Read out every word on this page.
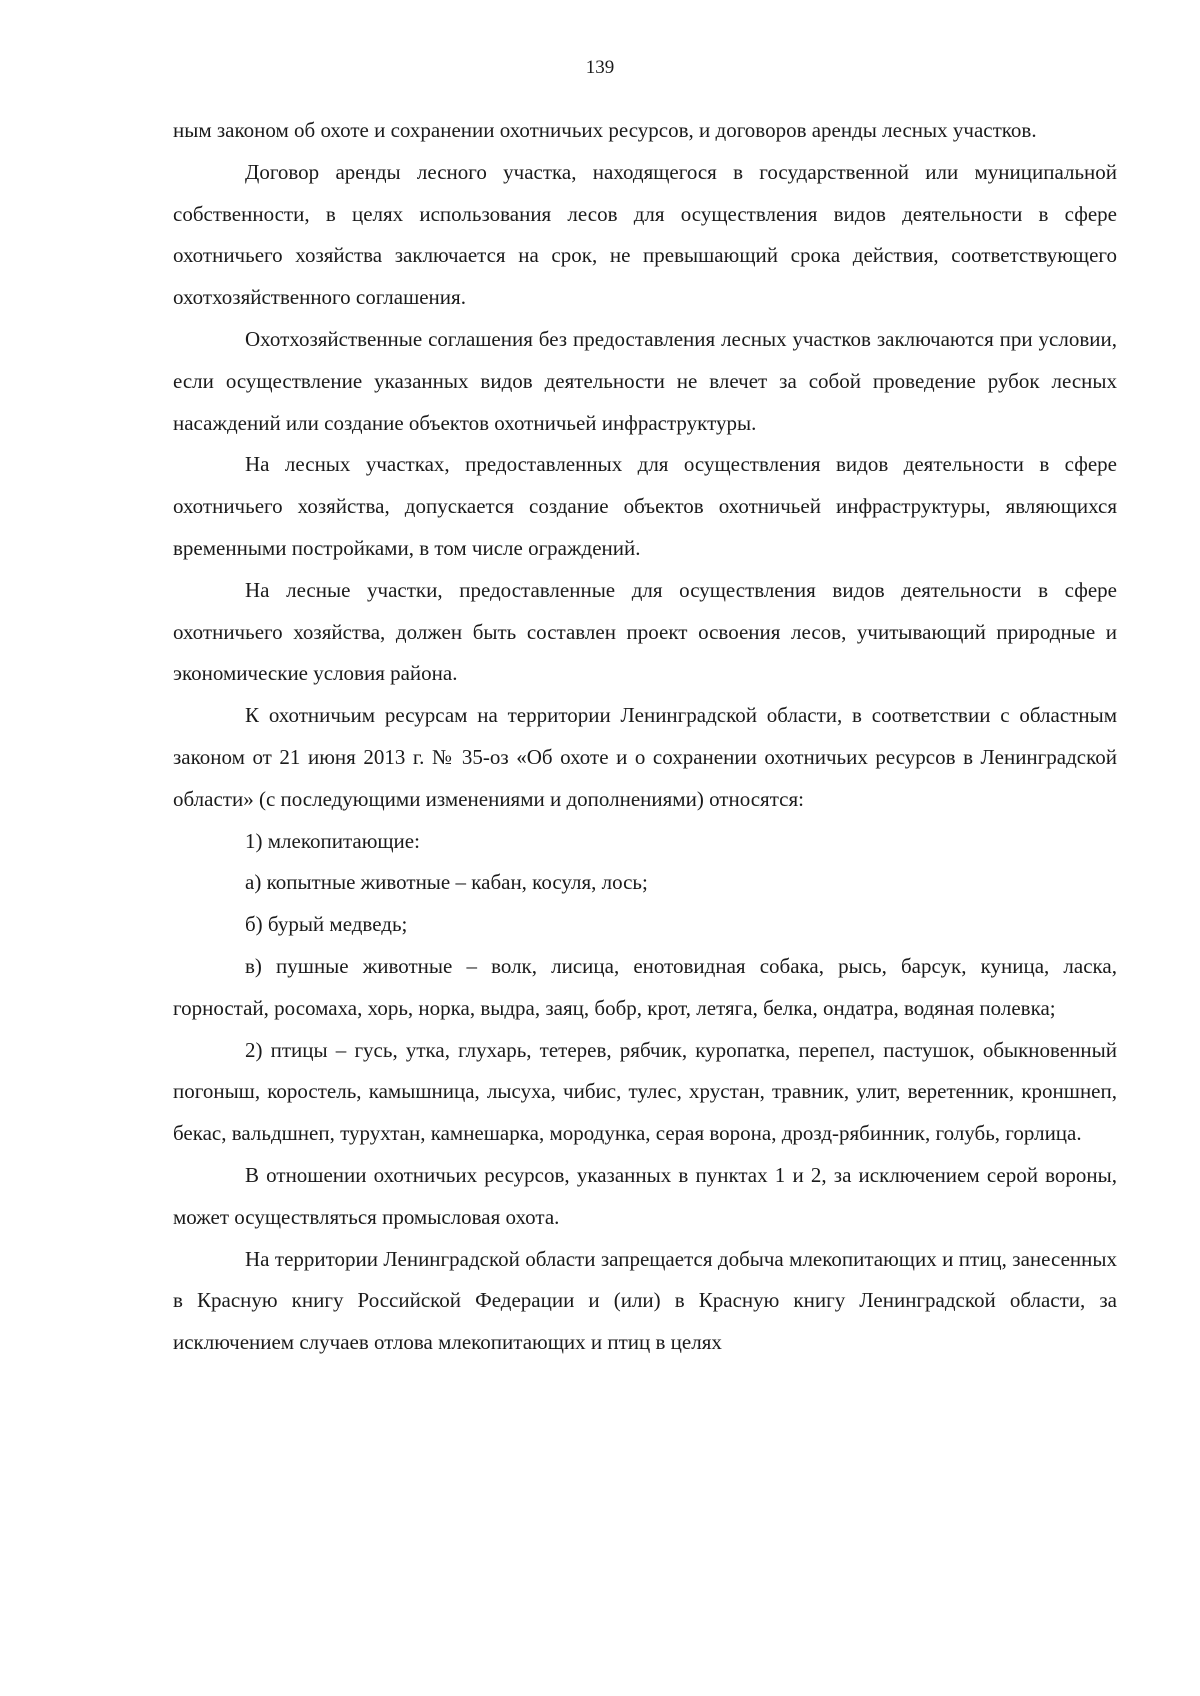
139

ным законом об охоте и сохранении охотничьих ресурсов, и договоров аренды лесных участков.

Договор аренды лесного участка, находящегося в государственной или муниципальной собственности, в целях использования лесов для осуществления видов деятельности в сфере охотничьего хозяйства заключается на срок, не превышающий срока действия, соответствующего охотхозяйственного соглашения.

Охотхозяйственные соглашения без предоставления лесных участков заключаются при условии, если осуществление указанных видов деятельности не влечет за собой проведение рубок лесных насаждений или создание объектов охотничьей инфраструктуры.

На лесных участках, предоставленных для осуществления видов деятельности в сфере охотничьего хозяйства, допускается создание объектов охотничьей инфраструктуры, являющихся временными постройками, в том числе ограждений.

На лесные участки, предоставленные для осуществления видов деятельности в сфере охотничьего хозяйства, должен быть составлен проект освоения лесов, учитывающий природные и экономические условия района.

К охотничьим ресурсам на территории Ленинградской области, в соответствии с областным законом от 21 июня 2013 г. № 35-оз «Об охоте и о сохранении охотничьих ресурсов в Ленинградской области» (с последующими изменениями и дополнениями) относятся:

1) млекопитающие:

а) копытные животные – кабан, косуля, лось;

б) бурый медведь;

в) пушные животные – волк, лисица, енотовидная собака, рысь, барсук, куница, ласка, горностай, росомаха, хорь, норка, выдра, заяц, бобр, крот, летяга, белка, ондатра, водяная полевка;

2) птицы – гусь, утка, глухарь, тетерев, рябчик, куропатка, перепел, пастушок, обыкновенный погоныш, коростель, камышница, лысуха, чибис, тулес, хрустан, травник, улит, веретенник, кроншнеп, бекас, вальдшнеп, турухтан, камнешарка, мородунка, серая ворона, дрозд-рябинник, голубь, горлица.

В отношении охотничьих ресурсов, указанных в пунктах 1 и 2, за исключением серой вороны, может осуществляться промысловая охота.

На территории Ленинградской области запрещается добыча млекопитающих и птиц, занесенных в Красную книгу Российской Федерации и (или) в Красную книгу Ленинградской области, за исключением случаев отлова млекопитающих и птиц в целях
